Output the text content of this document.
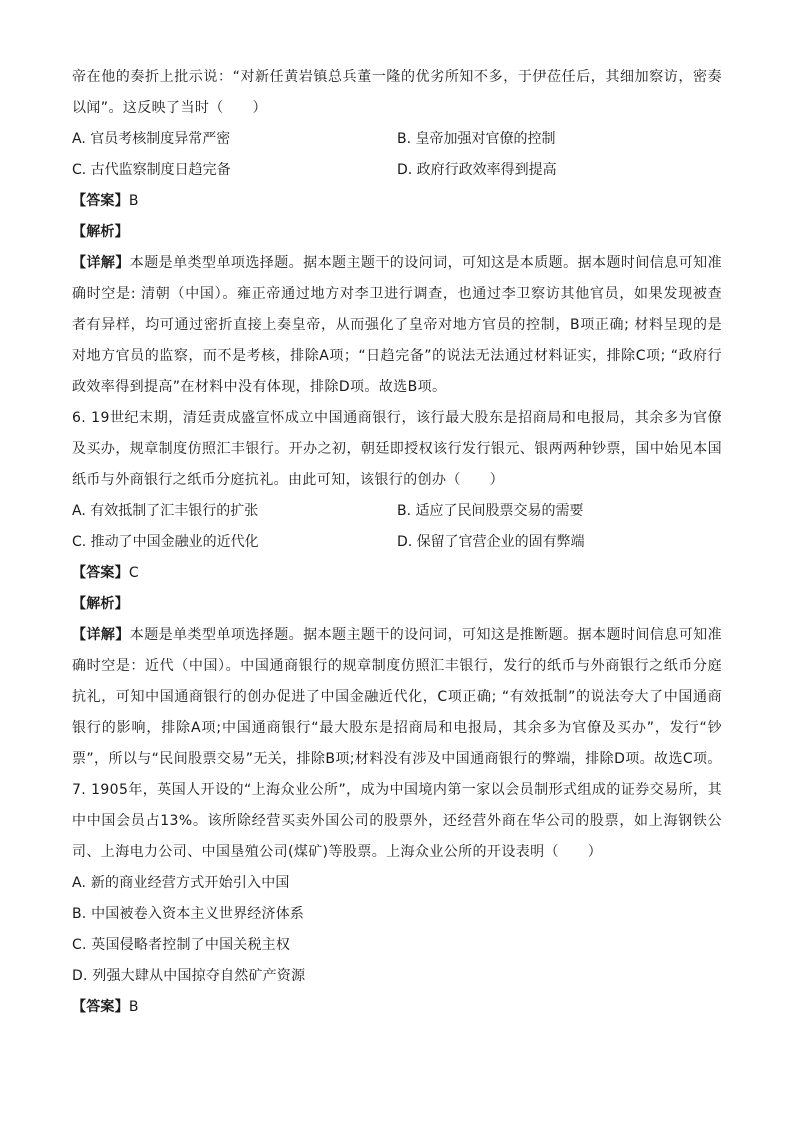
帝在他的奏折上批示说：“对新任黄岩镇总兵董一隆的优劣所知不多，于伊莅任后，其细加察访，密奏以闻”。这反映了当时（　　）
A. 官员考核制度异常严密	B. 皇帝加强对官僚的控制
C. 古代监察制度日趋完备	D. 政府行政效率得到提高
【答案】B
【解析】
【详解】本题是单类型单项选择题。据本题主题干的设问词，可知这是本质题。据本题时间信息可知准确时空是: 清朝（中国）。雍正帝通过地方对李卫进行调查，也通过李卫察访其他官员，如果发现被查者有异样，均可通过密折直接上奏皇帝，从而强化了皇帝对地方官员的控制，B项正确; 材料呈现的是对地方官员的监察，而不是考核，排除A项；“日趋完备”的说法无法通过材料证实，排除C项; “政府行政效率得到提高”在材料中没有体现，排除D项。故选B项。
6. 19世纪末期，清廷责成盛宣怀成立中国通商银行，该行最大股东是招商局和电报局，其余多为官僚及买办，规章制度仿照汇丰银行。开办之初，朝廷即授权该行发行银元、银两两种钞票，国中始见本国纸币与外商银行之纸币分庭抗礼。由此可知，该银行的创办（　　）
A. 有效抵制了汇丰银行的扩张	B. 适应了民间股票交易的需要
C. 推动了中国金融业的近代化	D. 保留了官营企业的固有弊端
【答案】C
【解析】
【详解】本题是单类型单项选择题。据本题主题干的设问词，可知这是推断题。据本题时间信息可知准确时空是：近代（中国）。中国通商银行的规章制度仿照汇丰银行，发行的纸币与外商银行之纸币分庭抗礼，可知中国通商银行的创办促进了中国金融近代化，C项正确; “有效抵制”的说法夸大了中国通商银行的影响，排除A项;中国通商银行“最大股东是招商局和电报局，其余多为官僚及买办”，发行“钞票”，所以与“民间股票交易”无关，排除B项;材料没有涉及中国通商银行的弊端，排除D项。故选C项。
7. 1905年，英国人开设的“上海众业公所”，成为中国境内第一家以会员制形式组成的证券交易所，其中中国会员占13%。该所除经营买卖外国公司的股票外，还经营外商在华公司的股票，如上海钢铁公司、上海电力公司、中国垦殖公司(煤矿)等股票。上海众业公所的开设表明（　　）
A. 新的商业经营方式开始引入中国
B. 中国被卷入资本主义世界经济体系
C. 英国侵略者控制了中国关税主权
D. 列强大肆从中国掠夺自然矿产资源
【答案】B
